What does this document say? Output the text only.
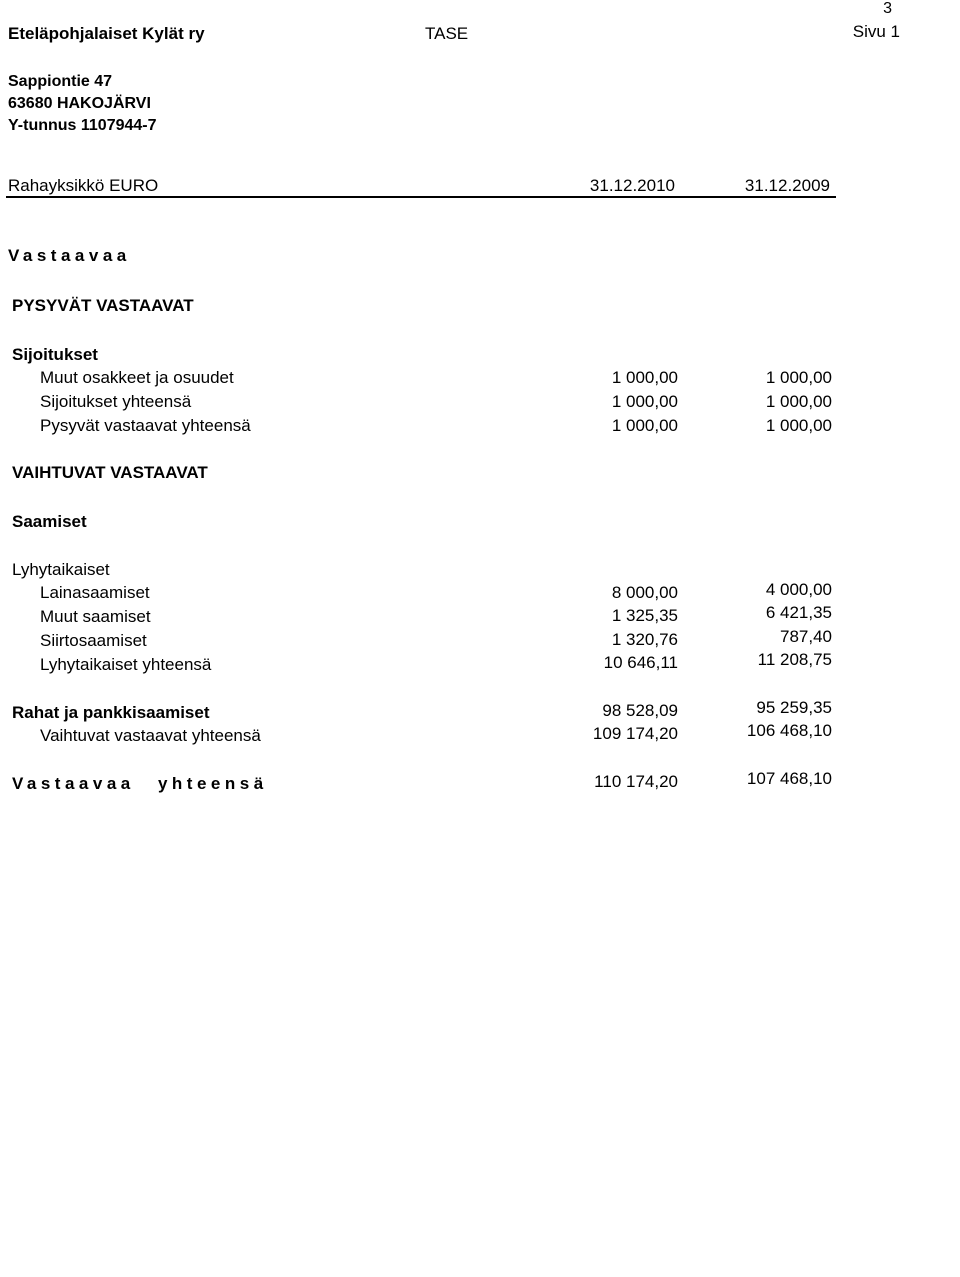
3
Eteläpohjalaiset Kylät ry	TASE	Sivu 1
Sappiontie 47
63680 HAKOJÄRVI
Y-tunnus 1107944-7
Rahayksikkö EURO	31.12.2010	31.12.2009
Vastaavaa
PYSYVÄT VASTAAVAT
Sijoitukset
Muut osakkeet ja osuudet	1 000,00	1 000,00
Sijoitukset yhteensä	1 000,00	1 000,00
Pysyvät vastaavat yhteensä	1 000,00	1 000,00
VAIHTUVAT VASTAAVAT
Saamiset
Lyhytaikaiset
Lainasaamiset	8 000,00	4 000,00
Muut saamiset	1 325,35	6 421,35
Siirtosaamiset	1 320,76	787,40
Lyhytaikaiset yhteensä	10 646,11	11 208,75
Rahat ja pankkisaamiset	98 528,09	95 259,35
Vaihtuvat vastaavat yhteensä	109 174,20	106 468,10
Vastaavaa yhteensä	110 174,20	107 468,10
